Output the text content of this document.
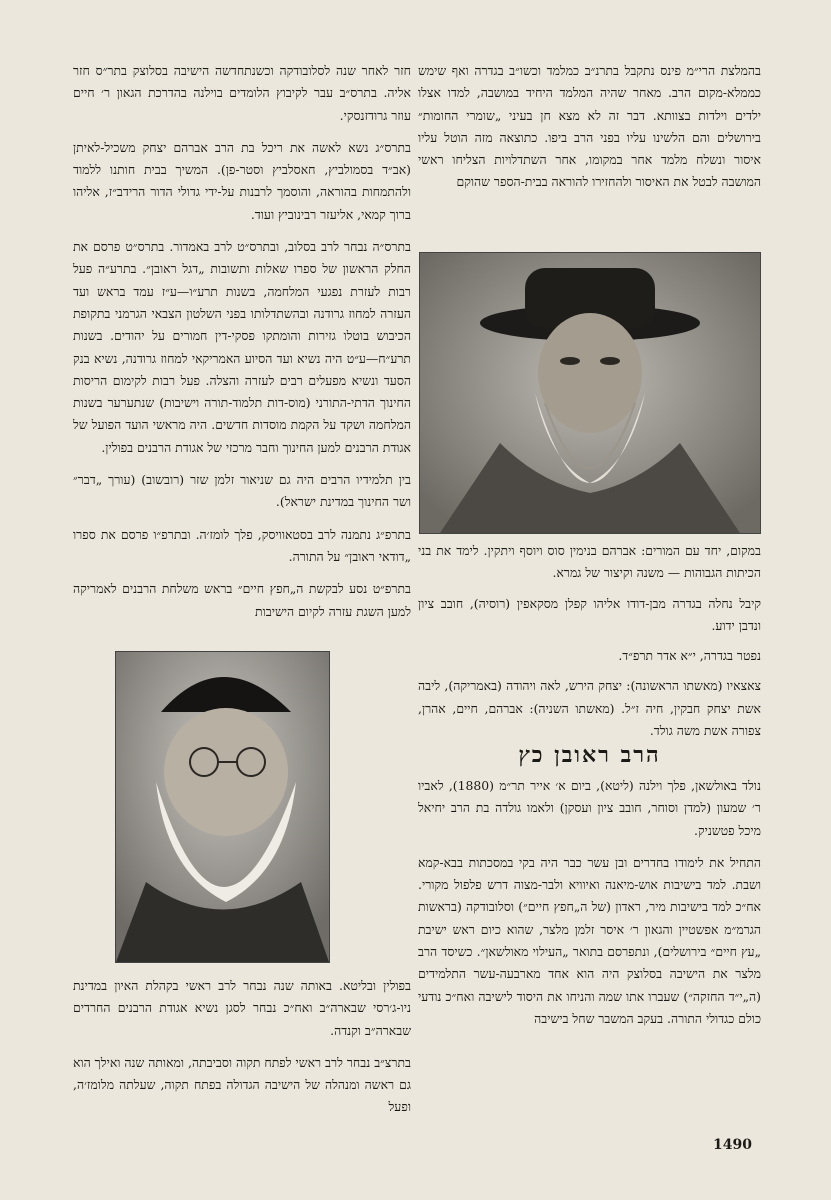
בהמלצת הרי״מ פינס נתקבל בתרנ״ב כמלמד וכשו״ב בגדרה ואף שימש כממלא-מקום הרב. מאחר שהיה המלמד היחיד במושבה, למדו אצלו ילדים וילדות בצוותא. דבר זה לא מצא חן בעיני „שומרי החומות״ בירושלים והם הלשינו עליו בפני הרב ביפו. כתוצאה מזה הוטל עליו איסור ונשלח מלמד אחר במקומו, אחר השתדלויות הצליחו ראשי המושבה לבטל את האיסור ולהחזירו להוראה בבית-הספר שהוקם

במקום, יחד עם המורים: אברהם בנימין סוס ויוסף ויתקין. לימד את בני הכיתות הגבוהות — משנה וקיצור של גמרא.

קיבל נחלה בגדרה מבן-דודו אליהו קפלן מסקאפין (רוסיה), חובב ציון ונדבן ידוע.

נפטר בגדרה, י״א אדר תרפ״ד.

צאצאיו (מאשתו הראשונה): יצחק הירש, לאה ויהודה (באמריקה), ליבה אשת יצחק חבקין, חיה ז״ל. (מאשתו השניה): אברהם, חיים, אהרן, צפורה אשת משה גולד.

הרב ראובן כץ

נולד באולשאן, פלך וילנה (ליטא), ביום א׳ אייר תר״מ (1880), לאביו ר׳ שמעון (למדן וסוחר, חובב ציון ועסקן) ולאמו גולדה בת הרב יחיאל מיכל פטשניק.

התחיל את לימודו בחדרים ובן עשר כבר היה בקי במסכתות בבא-קמא ושבת. למד בישיבות אוש-מיאנה ואיוויא ולבר-מצוה דרש פלפול מקורי. אח״כ למד בישיבות מיר, ראדון (של ה„חפץ חיים״) וסלובודקה (בראשות הגרמ״מ אפשטיין והגאון ר׳ איסר זלמן מלצר, שהוא כיום ראש ישיבת „עץ חיים״ בירושלים), ונתפרסם בתואר „העילוי מאולשאן״. כשיסד הרב מלצר את הישיבה בסלוצק היה הוא אחד מארבעה-עשר התלמידים (ה„י״ד החזקה״) שעברו אתו שמה והניחו את היסוד לישיבה ואח״כ נודעי כולם כגדולי התורה. בעקב המשבר שחל בישיבה

חזר לאחר שנה לסלובודקה וכשנתחדשה הישיבה בסלוצק בתר״ס חזר אליה. בתרס״ב עבר לקיבוץ הלומדים בוילנה בהדרכת הגאון ר׳ חיים עוזר גרודזנסקי.

בתרס״ג נשא לאשה את ריכל בת הרב אברהם יצחק משכיל-לאיתן (אב״ד בסמולביץ, חאסלביץ וסטר-פן). המשיך בבית חותנו ללמוד ולהתמחות בהוראה, והוסמך לרבנות על-ידי גדולי הדור הרידב״ז, אליהו ברוך קמאי, אליעזר רבינוביץ ועוד.

בתרס״ה נבחר לרב בסלוב, ובתרס״ט לרב באמדור. בתרס״ט פרסם את החלק הראשון של ספרו שאלות ותשובות „דגל ראובן״. בתרע״ה פעל רבות לעזרת נפגעי המלחמה, בשנות תרע״ו—ע״ז עמד בראש ועד העזרה למחוז גרודנה ובהשתדלותו בפני השלטון הצבאי הגרמני בתקופת הכיבוש בוטלו גזירות והומתקו פסקי-דין חמורים על יהודים. בשנות תרע״ח—ע״ט היה נשיא ועד הסיוע האמריקאי למחוז גרודנה, נשיא בנק הסעד ונשיא מפעלים רבים לעזרה והצלה. פעל רבות לקימום הריסות החינוך הדתי-התורני (מוס-דות תלמוד-תורה וישיבות) שנתערער בשנות המלחמה ושקד על הקמת מוסדות חדשים. היה מראשי הועד הפועל של אגודת הרבנים למען החינוך וחבר מרכזי של אגודת הרבנים בפולין.

בין תלמידיו הרבים היה גם שניאור זלמן שזר (רובשוב) (עורך „דבר״ ושר החינוך במדינת ישראל).

בתרפ״ג נתמנה לרב בסטאוויסק, פלך לומז׳ה. ובתרפ״ו פרסם את ספרו „דודאי ראובן״ על התורה.

בתרפ״ט נסע לבקשת ה„חפץ חיים״ בראש משלחת הרבנים לאמריקה למען השגת עזרה לקיום הישיבות

בפולין ובליטא. באותה שנה נבחר לרב ראשי בקהלת האיון במדינת ניו-ג׳רסי שבארה״ב ואח״כ נבחר לסגן נשיא אגודת הרבנים החרדים שבארה״ב וקנדה.

בתרצ״ב נבחר לרב ראשי לפתח תקוה וסביבתה, ומאותה שנה ואילך הוא גם ראשה ומנהלה של הישיבה הגדולה בפתח תקוה, שעלתה מלומז׳ה, ופעל

1490
